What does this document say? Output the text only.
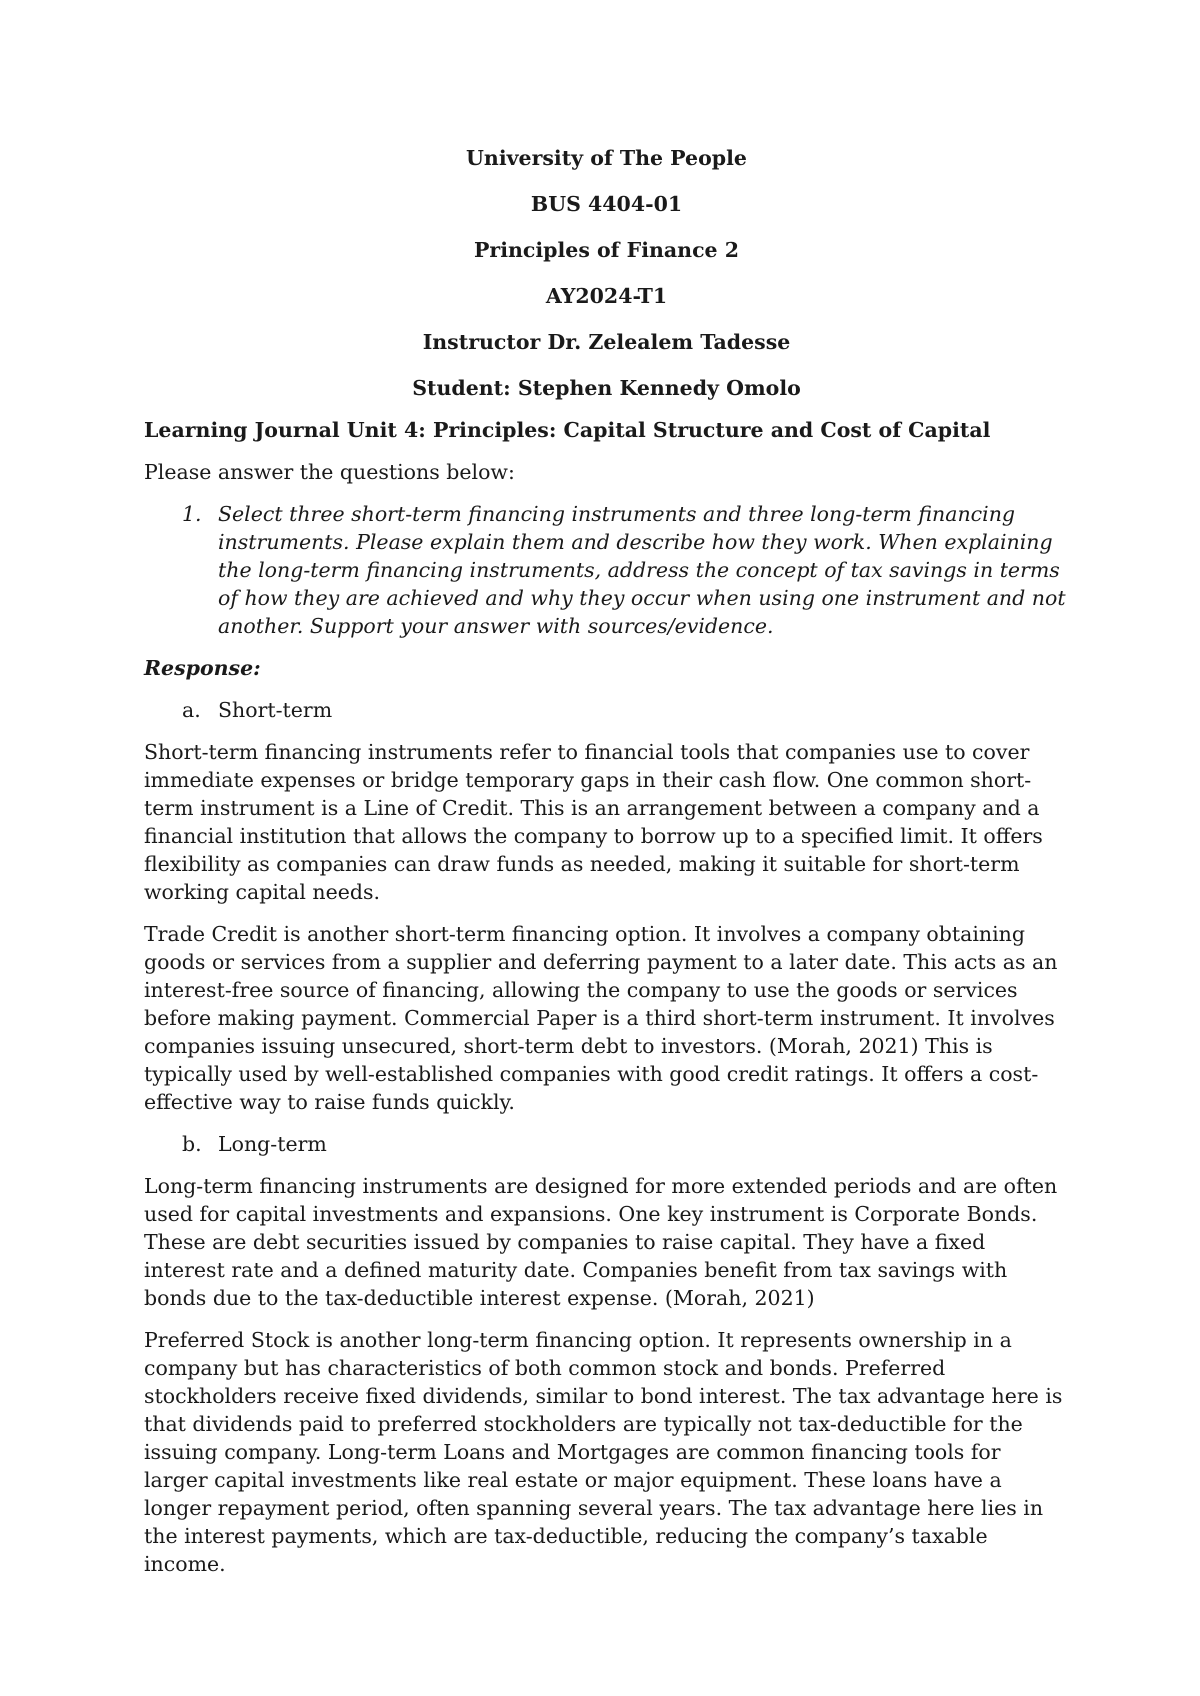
University of The People
BUS 4404-01
Principles of Finance 2
AY2024-T1
Instructor Dr. Zelealem Tadesse
Student: Stephen Kennedy Omolo
Learning Journal Unit 4: Principles: Capital Structure and Cost of Capital
Please answer the questions below:
1. Select three short-term financing instruments and three long-term financing instruments. Please explain them and describe how they work. When explaining the long-term financing instruments, address the concept of tax savings in terms of how they are achieved and why they occur when using one instrument and not another. Support your answer with sources/evidence.
Response:
a. Short-term
Short-term financing instruments refer to financial tools that companies use to cover immediate expenses or bridge temporary gaps in their cash flow. One common short-term instrument is a Line of Credit. This is an arrangement between a company and a financial institution that allows the company to borrow up to a specified limit. It offers flexibility as companies can draw funds as needed, making it suitable for short-term working capital needs.
Trade Credit is another short-term financing option. It involves a company obtaining goods or services from a supplier and deferring payment to a later date. This acts as an interest-free source of financing, allowing the company to use the goods or services before making payment. Commercial Paper is a third short-term instrument. It involves companies issuing unsecured, short-term debt to investors. (Morah, 2021) This is typically used by well-established companies with good credit ratings. It offers a cost-effective way to raise funds quickly.
b. Long-term
Long-term financing instruments are designed for more extended periods and are often used for capital investments and expansions. One key instrument is Corporate Bonds. These are debt securities issued by companies to raise capital. They have a fixed interest rate and a defined maturity date. Companies benefit from tax savings with bonds due to the tax-deductible interest expense. (Morah, 2021)
Preferred Stock is another long-term financing option. It represents ownership in a company but has characteristics of both common stock and bonds. Preferred stockholders receive fixed dividends, similar to bond interest. The tax advantage here is that dividends paid to preferred stockholders are typically not tax-deductible for the issuing company. Long-term Loans and Mortgages are common financing tools for larger capital investments like real estate or major equipment. These loans have a longer repayment period, often spanning several years. The tax advantage here lies in the interest payments, which are tax-deductible, reducing the company’s taxable income.
